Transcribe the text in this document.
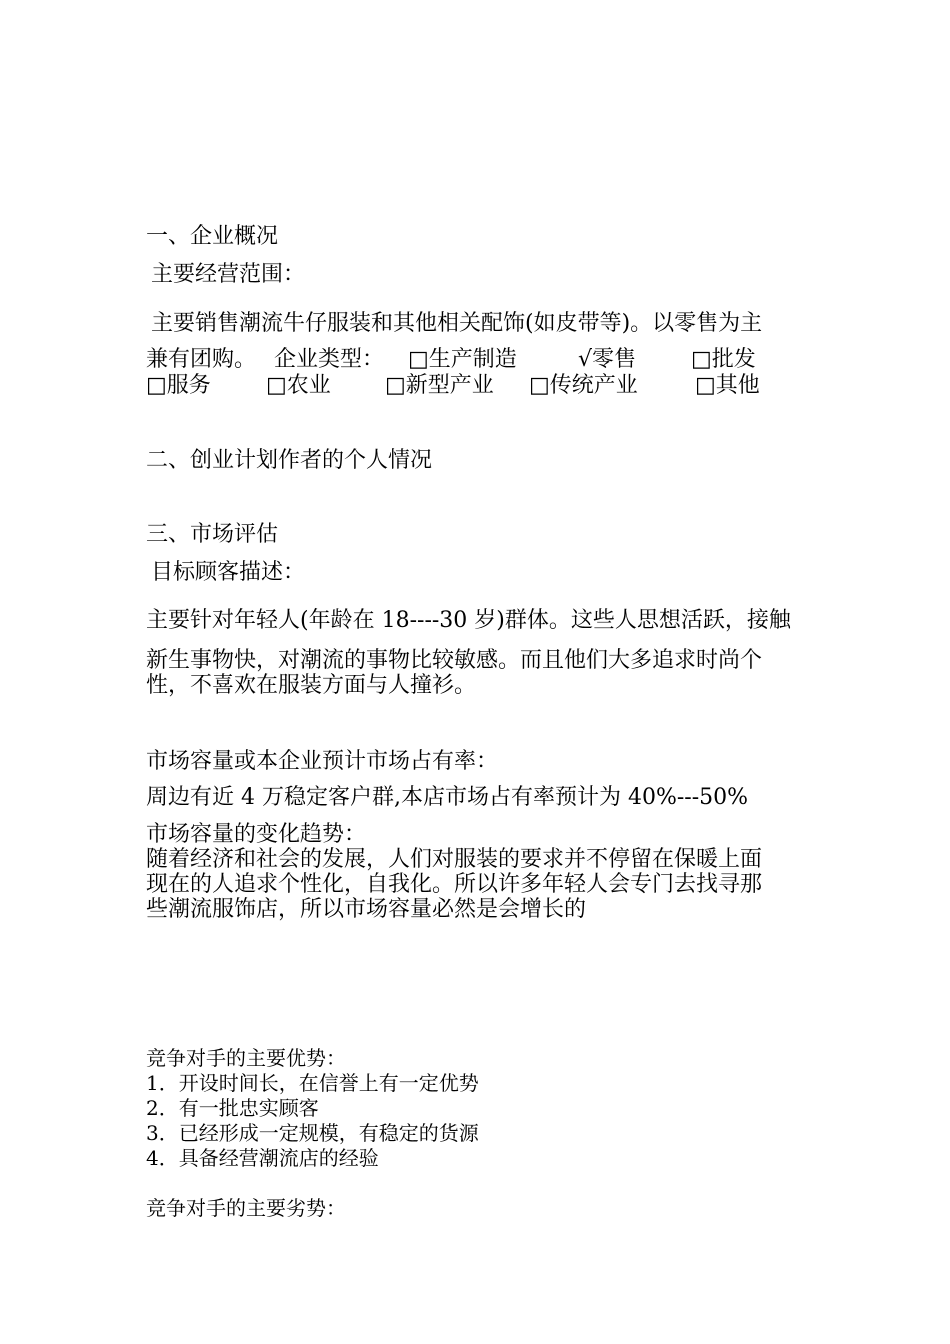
一、企业概况
主要经营范围：
主要销售潮流牛仔服装和其他相关配饰(如皮带等)。以零售为主
兼有团购。 企业类型： □生产制造	√零售 □批发
□服务	□农业 □新型产业 □传统产业	□其他
二、创业计划作者的个人情况
三、市场评估
目标顾客描述：
主要针对年轻人(年龄在 18----30 岁)群体。这些人思想活跃，接触
新生事物快，对潮流的事物比较敏感。而且他们大多追求时尚个
性，不喜欢在服装方面与人撞衫。
市场容量或本企业预计市场占有率：
周边有近 4 万稳定客户群,本店市场占有率预计为 40%---50%
市场容量的变化趋势：
随着经济和社会的发展，人们对服装的要求并不停留在保暖上面
现在的人追求个性化，自我化。所以许多年轻人会专门去找寻那
些潮流服饰店，所以市场容量必然是会增长的
竞争对手的主要优势：
1．开设时间长，在信誉上有一定优势
2．有一批忠实顾客
3．已经形成一定规模，有稳定的货源
4．具备经营潮流店的经验
竞争对手的主要劣势：
